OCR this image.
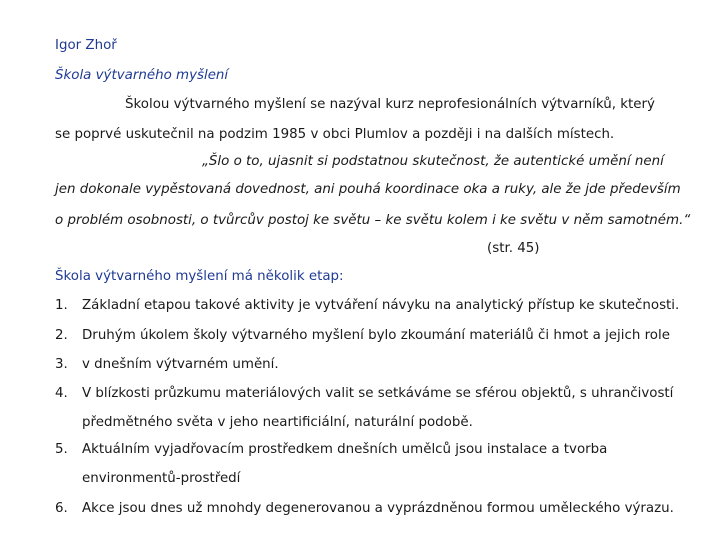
Igor Zhoř
Škola výtvarného myšlení
Školou výtvarného myšlení se nazýval kurz neprofesionálních výtvarníků, který
se poprvé uskutečnil na podzim 1985 v obci Plumlov a později i na dalších místech.
„Šlo o to, ujasnit si podstatnou skutečnost, že autentické umění není
jen dokonale vypěstovaná dovednost, ani pouhá koordinace oka a ruky, ale že jde především
o problém osobnosti, o tvůrcův postoj ke světu – ke světu kolem i ke světu v něm samotném.“
(str. 45)
Škola výtvarného myšlení má několik etap:
1. Základní etapou takové aktivity je vytváření návyku na analytický přístup ke skutečnosti.
2. Druhým úkolem školy výtvarného myšlení bylo zkoumání materiálů či hmot a jejich role
3. v dnešním výtvarném umění.
4. V blízkosti průzkumu materiálových valit se setkáváme se sférou objektů, s uhrančivostí
předmětného světa v jeho neartificiální, naturální podobě.
5. Aktuálním vyjadřovacím prostředkem dnešních umělců jsou instalace a tvorba
environmentů-prostředí
6. Akce jsou dnes už mnohdy degenerovanou a vyprázdněnou formou uměleckého výrazu.
